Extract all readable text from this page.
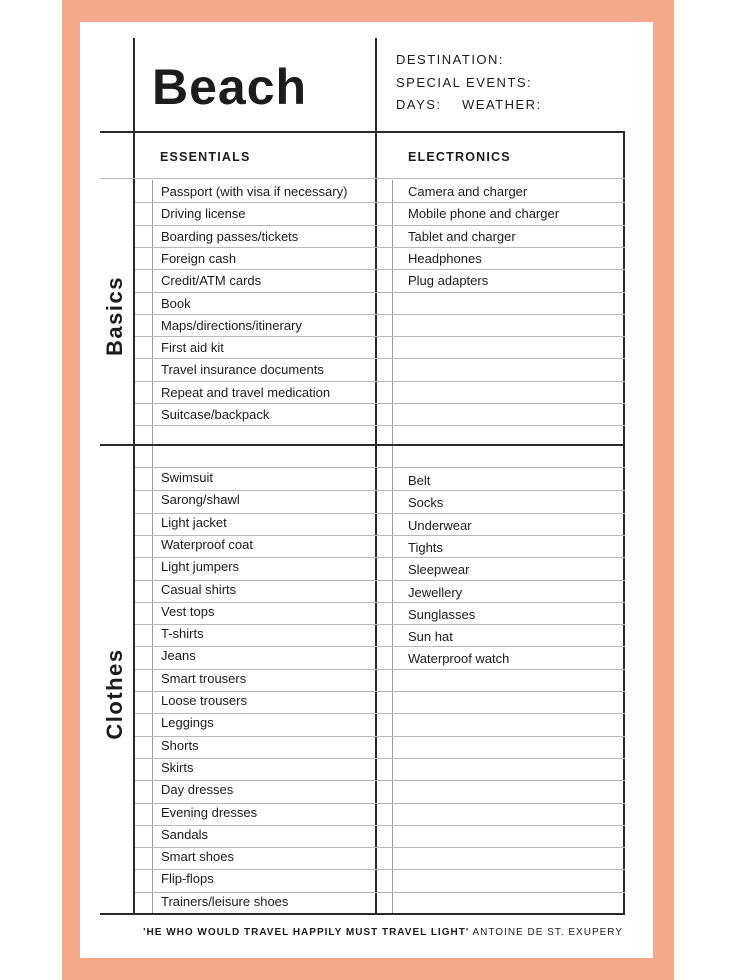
Beach	DESTINATION:
SPECIAL EVENTS:
DAYS: WEATHER:
ESSENTIALS	ELECTRONICS
Basics
Clothes
Passport (with visa if necessary)
Driving license
Boarding passes/tickets
Foreign cash
Credit/ATM cards
Book
Maps/directions/itinerary
First aid kit
Travel insurance documents
Repeat and travel medication
Suitcase/backpack
Camera and charger
Mobile phone and charger
Tablet and charger
Headphones
Plug adapters
Swimsuit
Sarong/shawl
Light jacket
Waterproof coat
Light jumpers
Casual shirts
Vest tops
T-shirts
Jeans
Smart trousers
Loose trousers
Leggings
Shorts
Skirts
Day dresses
Evening dresses
Sandals
Smart shoes
Flip-flops
Trainers/leisure shoes
Belt
Socks
Underwear
Tights
Sleepwear
Jewellery
Sunglasses
Sun hat
Waterproof watch
'HE WHO WOULD TRAVEL HAPPILY MUST TRAVEL LIGHT' ANTOINE DE ST. EXUPERY
